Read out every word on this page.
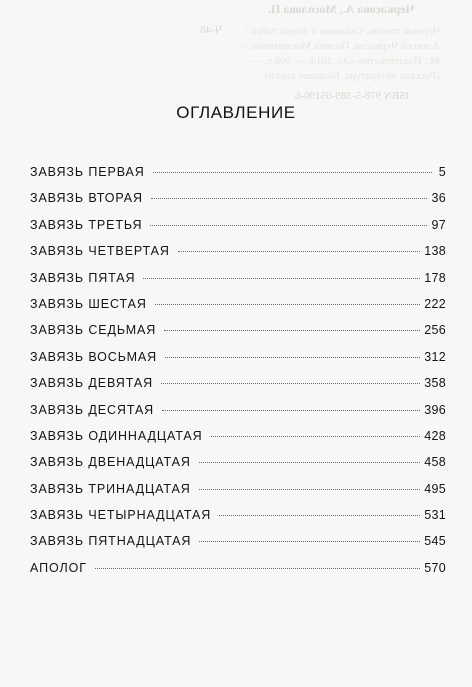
Черкасова А., Мосолова П.
Ч-48	Черный тополь. Сказания о людях тайги / Алексей Черкасов, Полина Москвитина. — М.: Издательство «Э», 2014. — 608 с. — (Русская литература. Большие книги)
ISBN 978-5-389-05190-6
ОГЛАВЛЕНИЕ
ЗАВЯЗЬ ПЕРВАЯ	5
ЗАВЯЗЬ ВТОРАЯ	36
ЗАВЯЗЬ ТРЕТЬЯ	97
ЗАВЯЗЬ ЧЕТВЕРТАЯ	138
ЗАВЯЗЬ ПЯТАЯ	178
ЗАВЯЗЬ ШЕСТАЯ	222
ЗАВЯЗЬ СЕДЬМАЯ	256
ЗАВЯЗЬ ВОСЬМАЯ	312
ЗАВЯЗЬ ДЕВЯТАЯ	358
ЗАВЯЗЬ ДЕСЯТАЯ	396
ЗАВЯЗЬ ОДИННАДЦАТАЯ	428
ЗАВЯЗЬ ДВЕНАДЦАТАЯ	458
ЗАВЯЗЬ ТРИНАДЦАТАЯ	495
ЗАВЯЗЬ ЧЕТЫРНАДЦАТАЯ	531
ЗАВЯЗЬ ПЯТНАДЦАТАЯ	545
АПОЛОГ	570
